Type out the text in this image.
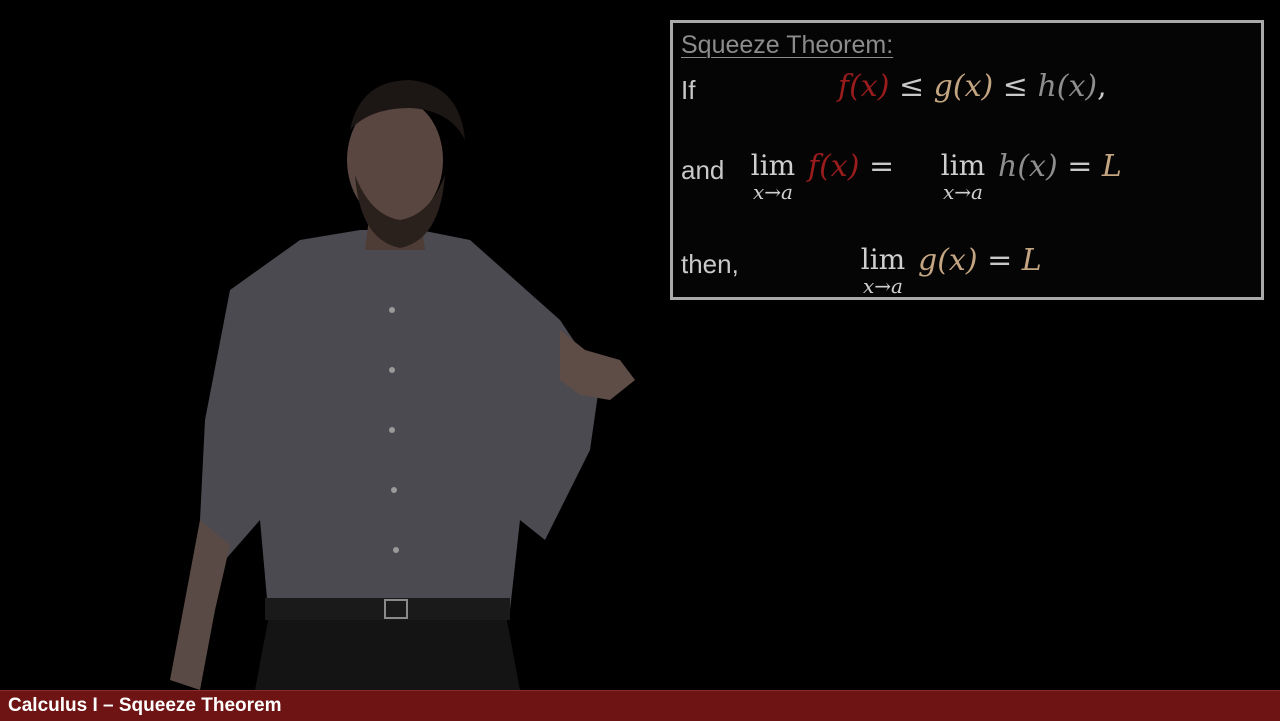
Squeeze Theorem:
If	f(x) ≤ g(x) ≤ h(x),
and lim
x→a
f(x) =	lim
x→a
h(x) = L
then,	lim
x→a
g(x) = L
Calculus I – Squeeze Theorem
